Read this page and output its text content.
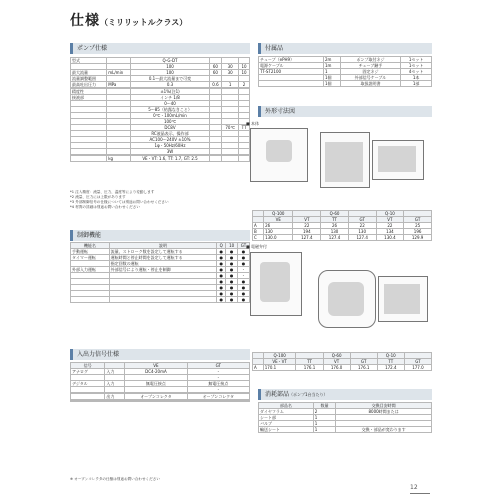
仕様（ミリリットルクラス）
ポンプ仕様
型式		Q-G-DT			
		100	60	30	10
最大流量	mL/min	100	60	30	10
流量調整範囲		0.1～最大流量まで可変			
最高吐出圧力	MPa	0.3	0.6	1	2

精度性		±1%(注1)			
接液部		インチ 1/8			
		0～40			
		5～85（結露なきこと）			
		0℃・100mL/min			
		100℃			
		DC8V		70℃	TT
		RC液晶表示、操作部			
		AC100～240V ±10%			
		1φ・50Hz/60Hz			
		3W			

	kg	VE・VT: 1.6, TT: 1.7, GT: 2.5			
*1 注入精度：流量、圧力、温度等により変動します
*2 流量、圧力には上限があります
*3 外部制御信号の仕様については別途お問い合わせください
*4 材質の詳細は別途お問い合わせください
制御機能
機能名	説明	Q	10	GT
手動運転	流量、ストローク数を設定して運転する	●	●	●
タイマー運転	運転時間と停止時間を設定して運転する	●	●	●
	指定回数の運転	●	●	●
外部入力運転	外部信号により運転・停止を制御	●	●	-
		●	●	-
		●	●	●
		●	●	●
		●	●	●
		●	●	●
入出力信号仕様
信号		VE	GT
アナログ	入力	DC4-20mA	-
			-
デジタル	入力	無電圧接点	無電圧接点
			-

	出力	オープンコレクタ	オープンコレクタ

※ オープンコレクタの仕様は別途お問い合わせください
付属品
チューブ（ePH9）	2m	ポンプ取付ネジ	1セット
電源ケーブル	1m	チューブ継手	1セット
TT-ST2100	1	固定ネジ	4セット
	1個	外部信号ケーブル	1本
	1個	取扱説明書	1部
外形寸法図
■ 本体
	Q-100		Q-60		Q-10	
	VE	VT	TT	GT	VT	GT
A	26	22	26	22	22	25
B	130	194	130	130	134	196
C	130.0	127.4	127.4	127.4	130.4	129.9
■ 電磁弁付
	Q-100		Q-60		Q-10	
	VE・VT	TT	VT	GT	TT	GT
A	170.1	176.1	176.0	176.1	172.4	177.0
消耗部品（ポンプ1台当たり）
部品名	数量	交換目安時間
ダイヤフラム	2	8000時間または
シート部	1	
バルブ	1	
輸送シート	1	交換・部品が変わります
12
